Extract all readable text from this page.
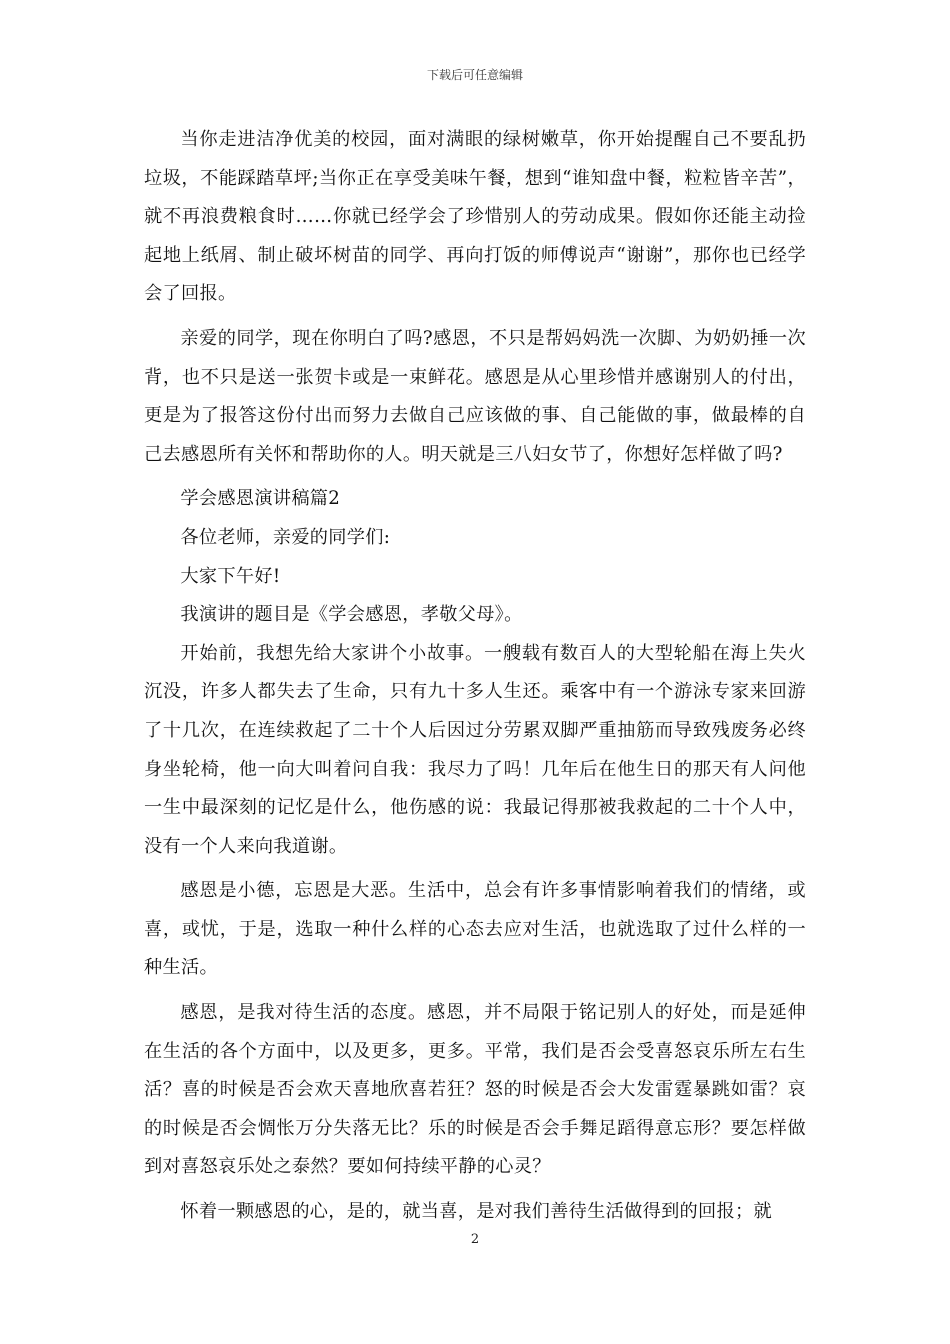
下载后可任意编辑

当你走进洁净优美的校园，面对满眼的绿树嫩草，你开始提醒自己不要乱扔垃圾，不能踩踏草坪;当你正在享受美味午餐，想到“谁知盘中餐，粒粒皆辛苦”，就不再浪费粮食时……你就已经学会了珍惜别人的劳动成果。假如你还能主动捡起地上纸屑、制止破坏树苗的同学、再向打饭的师傅说声“谢谢”，那你也已经学会了回报。

亲爱的同学，现在你明白了吗?感恩，不只是帮妈妈洗一次脚、为奶奶捶一次背，也不只是送一张贺卡或是一束鲜花。感恩是从心里珍惜并感谢别人的付出，更是为了报答这份付出而努力去做自己应该做的事、自己能做的事，做最棒的自己去感恩所有关怀和帮助你的人。明天就是三八妇女节了，你想好怎样做了吗?

学会感恩演讲稿篇2

各位老师，亲爱的同学们:

大家下午好!

我演讲的题目是《学会感恩，孝敬父母》。

开始前，我想先给大家讲个小故事。一艘载有数百人的大型轮船在海上失火沉没，许多人都失去了生命，只有九十多人生还。乘客中有一个游泳专家来回游了十几次，在连续救起了二十个人后因过分劳累双脚严重抽筋而导致残废务必终身坐轮椅，他一向大叫着问自我：我尽力了吗！几年后在他生日的那天有人问他一生中最深刻的记忆是什么，他伤感的说：我最记得那被我救起的二十个人中，没有一个人来向我道谢。

感恩是小德，忘恩是大恶。生活中，总会有许多事情影响着我们的情绪，或喜，或忧，于是，选取一种什么样的心态去应对生活，也就选取了过什么样的一种生活。

感恩，是我对待生活的态度。感恩，并不局限于铭记别人的好处，而是延伸在生活的各个方面中，以及更多，更多。平常，我们是否会受喜怒哀乐所左右生活？喜的时候是否会欢天喜地欣喜若狂？怒的时候是否会大发雷霆暴跳如雷？哀的时候是否会惆怅万分失落无比？乐的时候是否会手舞足蹈得意忘形？要怎样做到对喜怒哀乐处之泰然？要如何持续平静的心灵？

怀着一颗感恩的心，是的，就当喜，是对我们善待生活做得到的回报；就

2
